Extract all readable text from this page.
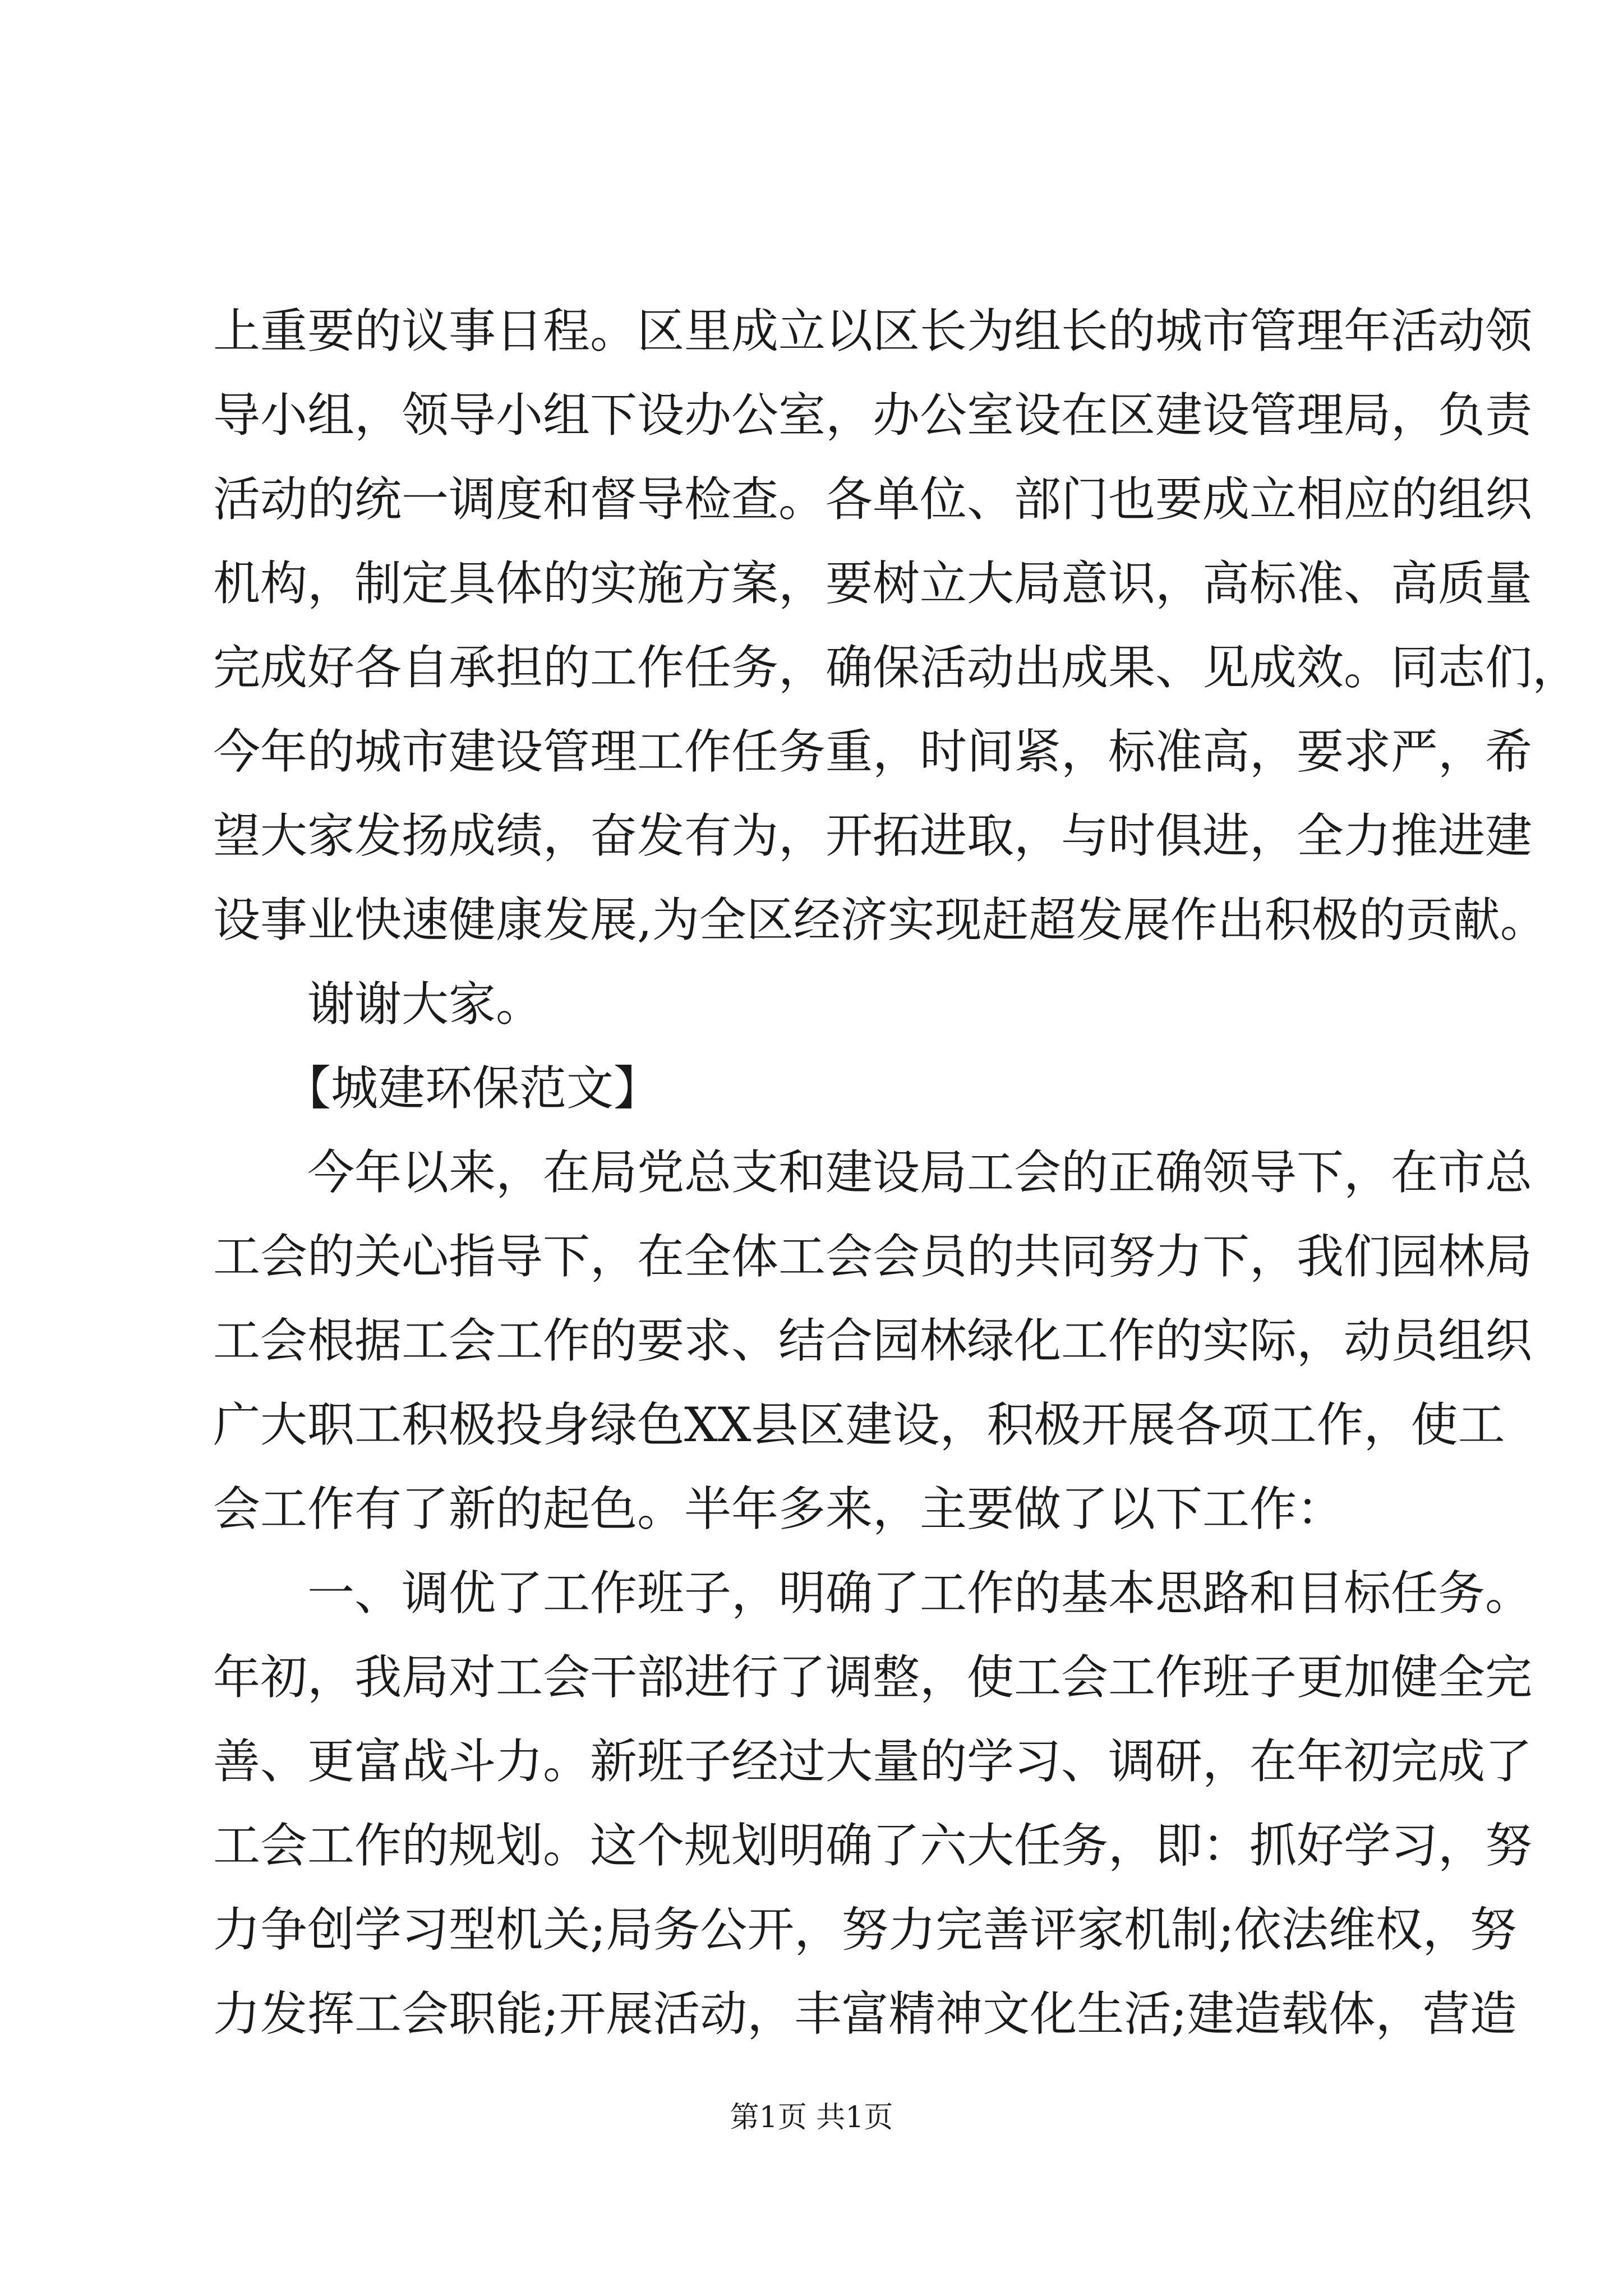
上重要的议事日程。区里成立以区长为组长的城市管理年活动领
导小组，领导小组下设办公室，办公室设在区建设管理局，负责
活动的统一调度和督导检查。各单位、部门也要成立相应的组织
机构，制定具体的实施方案，要树立大局意识，高标准、高质量
完成好各自承担的工作任务，确保活动出成果、见成效。同志们，
今年的城市建设管理工作任务重，时间紧，标准高，要求严，希
望大家发扬成绩，奋发有为，开拓进取，与时俱进，全力推进建
设事业快速健康发展,为全区经济实现赶超发展作出积极的贡献。
　　谢谢大家。
　　【城建环保范文】
　　今年以来，在局党总支和建设局工会的正确领导下，在市总
工会的关心指导下，在全体工会会员的共同努力下，我们园林局
工会根据工会工作的要求、结合园林绿化工作的实际，动员组织
广大职工积极投身绿色XX县区建设，积极开展各项工作，使工
会工作有了新的起色。半年多来，主要做了以下工作：
　　一、调优了工作班子，明确了工作的基本思路和目标任务。
年初，我局对工会干部进行了调整，使工会工作班子更加健全完
善、更富战斗力。新班子经过大量的学习、调研，在年初完成了
工会工作的规划。这个规划明确了六大任务，即：抓好学习，努
力争创学习型机关;局务公开，努力完善评家机制;依法维权，努
力发挥工会职能;开展活动，丰富精神文化生活;建造载体，营造
第1页 共1页
